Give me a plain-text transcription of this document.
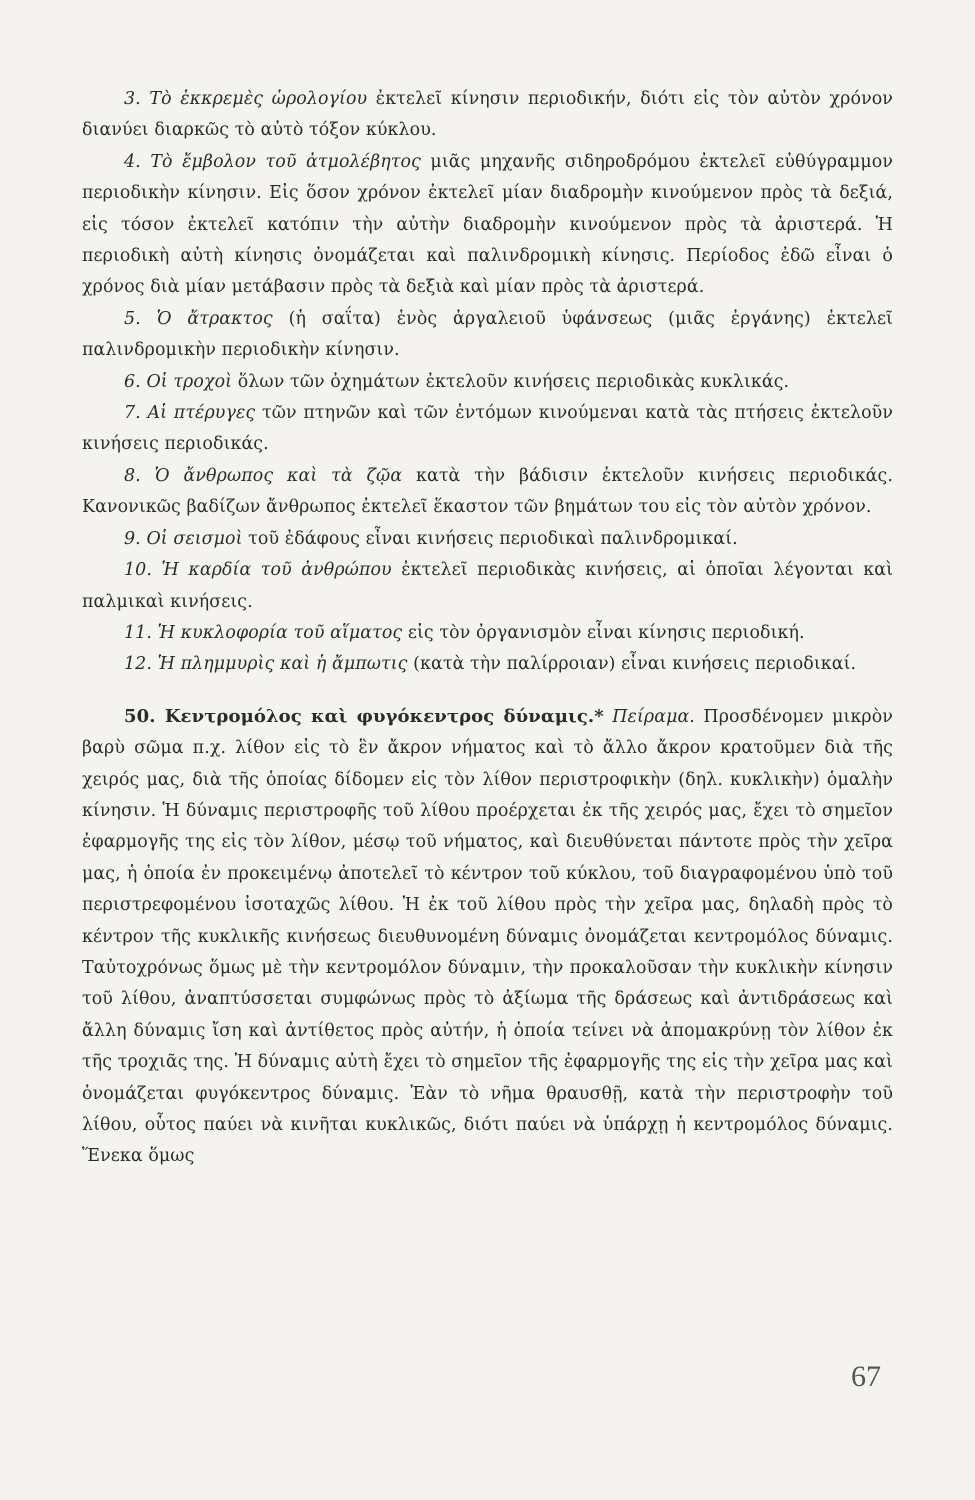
3. Τὸ ἐκκρεμὲς ὡρολογίου ἐκτελεῖ κίνησιν περιοδικήν, διότι εἰς τὸν αὐτὸν χρόνον διανύει διαρκῶς τὸ αὐτὸ τόξον κύκλου.

4. Τὸ ἔμβολον τοῦ ἀτμολέβητος μιᾶς μηχανῆς σιδηροδρόμου ἐκτελεῖ εὐθύγραμμον περιοδικὴν κίνησιν. Εἰς ὅσον χρόνον ἐκτελεῖ μίαν διαδρομὴν κινούμενον πρὸς τὰ δεξιά, εἰς τόσον ἐκτελεῖ κατόπιν τὴν αὐτὴν διαδρομὴν κινούμενον πρὸς τὰ ἀριστερά. Ἡ περιοδικὴ αὐτὴ κίνησις ὀνομάζεται καὶ παλινδρομικὴ κίνησις. Περίοδος ἐδῶ εἶναι ὁ χρόνος διὰ μίαν μετάβασιν πρὸς τὰ δεξιὰ καὶ μίαν πρὸς τὰ ἀριστερά.

5. Ὁ ἄτρακτος (ἡ σαΐτα) ἑνὸς ἀργαλειοῦ ὑφάνσεως (μιᾶς ἐργάνης) ἐκτελεῖ παλινδρομικὴν περιοδικὴν κίνησιν.

6. Οἱ τροχοὶ ὅλων τῶν ὀχημάτων ἐκτελοῦν κινήσεις περιοδικὰς κυκλικάς.

7. Αἱ πτέρυγες τῶν πτηνῶν καὶ τῶν ἐντόμων κινούμεναι κατὰ τὰς πτήσεις ἐκτελοῦν κινήσεις περιοδικάς.

8. Ὁ ἄνθρωπος καὶ τὰ ζῷα κατὰ τὴν βάδισιν ἐκτελοῦν κινήσεις περιοδικάς. Κανονικῶς βαδίζων ἄνθρωπος ἐκτελεῖ ἕκαστον τῶν βημάτων του εἰς τὸν αὐτὸν χρόνον.

9. Οἱ σεισμοὶ τοῦ ἐδάφους εἶναι κινήσεις περιοδικαὶ παλινδρομικαί.

10. Ἡ καρδία τοῦ ἀνθρώπου ἐκτελεῖ περιοδικὰς κινήσεις, αἱ ὁποῖαι λέγονται καὶ παλμικαὶ κινήσεις.

11. Ἡ κυκλοφορία τοῦ αἵματος εἰς τὸν ὀργανισμὸν εἶναι κίνησις περιοδική.

12. Ἡ πλημμυρὶς καὶ ἡ ἄμπωτις (κατὰ τὴν παλίρροιαν) εἶναι κινήσεις περιοδικαί.

50. Κεντρομόλος καὶ φυγόκεντρος δύναμις.* Πείραμα. Προσδένομεν μικρὸν βαρὺ σῶμα π.χ. λίθον εἰς τὸ ἓν ἄκρον νήματος καὶ τὸ ἄλλο ἄκρον κρατοῦμεν διὰ τῆς χειρός μας, διὰ τῆς ὁποίας δίδομεν εἰς τὸν λίθον περιστροφικὴν (δηλ. κυκλικὴν) ὁμαλὴν κίνησιν. Ἡ δύναμις περιστροφῆς τοῦ λίθου προέρχεται ἐκ τῆς χειρός μας, ἔχει τὸ σημεῖον ἐφαρμογῆς της εἰς τὸν λίθον, μέσῳ τοῦ νήματος, καὶ διευθύνεται πάντοτε πρὸς τὴν χεῖρα μας, ἡ ὁποία ἐν προκειμένῳ ἀποτελεῖ τὸ κέντρον τοῦ κύκλου, τοῦ διαγραφομένου ὑπὸ τοῦ περιστρεφομένου ἰσοταχῶς λίθου. Ἡ ἐκ τοῦ λίθου πρὸς τὴν χεῖρα μας, δηλαδὴ πρὸς τὸ κέντρον τῆς κυκλικῆς κινήσεως διευθυνομένη δύναμις ὀνομάζεται κεντρομόλος δύναμις. Ταὐτοχρόνως ὅμως μὲ τὴν κεντρομόλον δύναμιν, τὴν προκαλοῦσαν τὴν κυκλικὴν κίνησιν τοῦ λίθου, ἀναπτύσσεται συμφώνως πρὸς τὸ ἀξίωμα τῆς δράσεως καὶ ἀντιδράσεως καὶ ἄλλη δύναμις ἴση καὶ ἀντίθετος πρὸς αὐτήν, ἡ ὁποία τείνει νὰ ἀπομακρύνῃ τὸν λίθον ἐκ τῆς τροχιᾶς της. Ἡ δύναμις αὐτὴ ἔχει τὸ σημεῖον τῆς ἐφαρμογῆς της εἰς τὴν χεῖρα μας καὶ ὀνομάζεται φυγόκεντρος δύναμις. Ἐὰν τὸ νῆμα θραυσθῇ, κατὰ τὴν περιστροφὴν τοῦ λίθου, οὗτος παύει νὰ κινῆται κυκλικῶς, διότι παύει νὰ ὑπάρχῃ ἡ κεντρομόλος δύναμις. Ἕνεκα ὅμως

67
